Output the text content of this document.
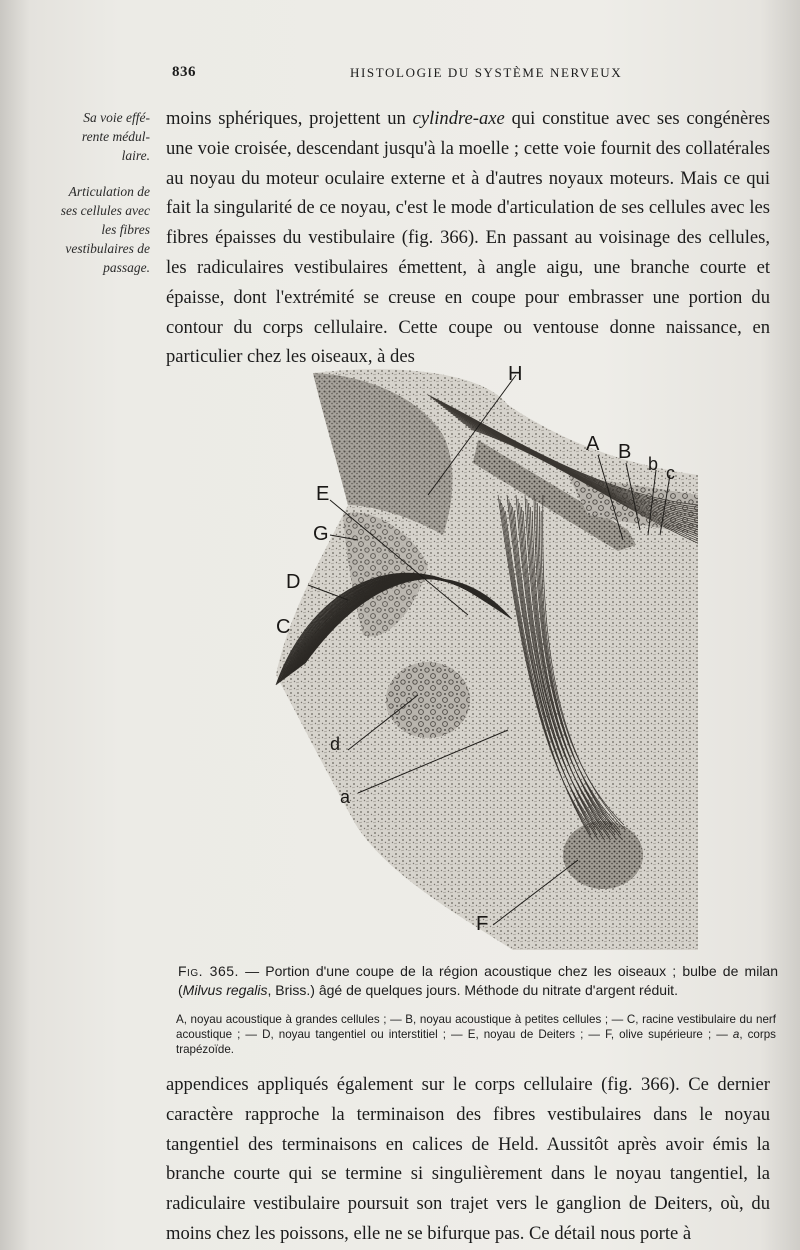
836	HISTOLOGIE DU SYSTÈME NERVEUX
Sa voie effé-rente médul-laire.
Articulation de ses cellules avec les fibres vestibulaires de passage.

moins sphériques, projettent un cylindre-axe qui constitue avec ses congénères une voie croisée, descendant jusqu'à la moelle ; cette voie fournit des collatérales au noyau du moteur oculaire externe et à d'autres noyaux moteurs. Mais ce qui fait la singularité de ce noyau, c'est le mode d'articulation de ses cellules avec les fibres épaisses du vestibulaire (fig. 366). En passant au voisinage des cellules, les radiculaires vestibulaires émettent, à angle aigu, une branche courte et épaisse, dont l'extrémité se creuse en coupe pour embrasser une portion du contour du corps cellulaire. Cette coupe ou ventouse donne naissance, en particulier chez les oiseaux, à des

H
A B
b c
E
G
D
C
d
a
F
Fig. 365. — Portion d'une coupe de la région acoustique chez les oiseaux ; bulbe de milan (Milvus regalis, Briss.) âgé de quelques jours. Méthode du nitrate d'argent réduit.
A, noyau acoustique à grandes cellules ; — B, noyau acoustique à petites cellules ; — C, racine vestibulaire du nerf acoustique ; — D, noyau tangentiel ou interstitiel ; — E, noyau de Deiters ; — F, olive supérieure ; — a, corps trapézoïde.

appendices appliqués également sur le corps cellulaire (fig. 366). Ce dernier caractère rapproche la terminaison des fibres vestibulaires dans le noyau tangentiel des terminaisons en calices de Held. Aussitôt après avoir émis la branche courte qui se termine si singulièrement dans le noyau tangentiel, la radiculaire vestibulaire poursuit son trajet vers le ganglion de Deiters, où, du moins chez les poissons, elle ne se bifurque pas. Ce détail nous porte à
